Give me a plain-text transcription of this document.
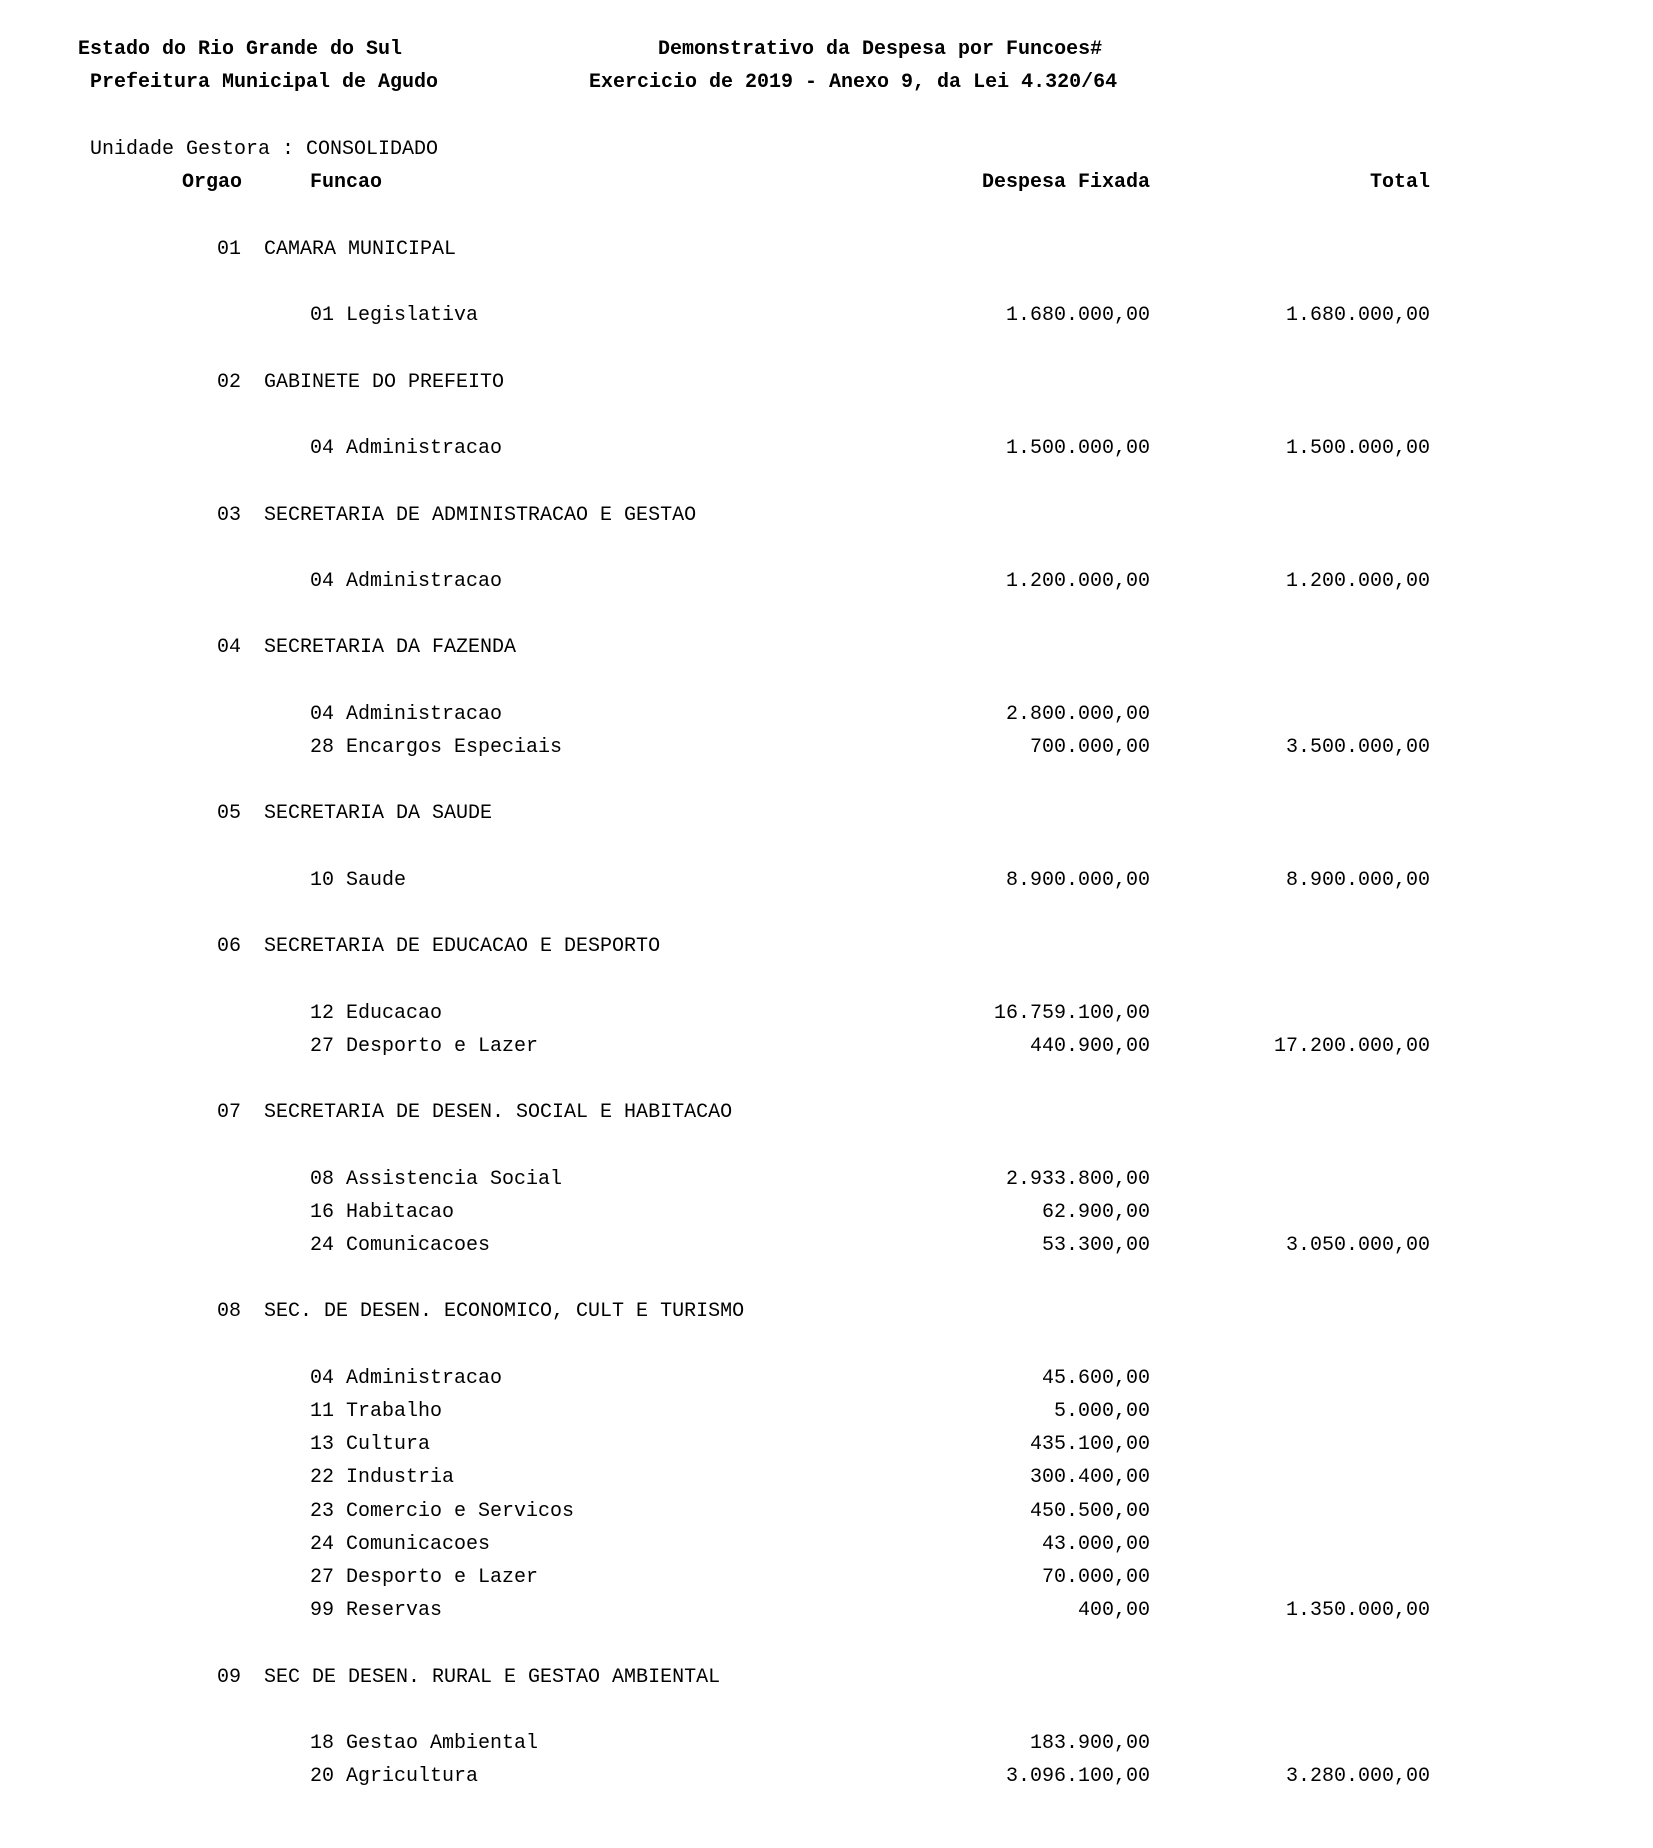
Estado do Rio Grande do Sul
Prefeitura Municipal de Agudo
Demonstrativo da Despesa por Funcoes#
Exercicio de 2019 - Anexo 9, da Lei 4.320/64
Unidade Gestora : CONSOLIDADO
Orgao	Funcao	Despesa Fixada	Total
01 CAMARA MUNICIPAL
01 Legislativa	1.680.000,00	1.680.000,00
02 GABINETE DO PREFEITO
04 Administracao	1.500.000,00	1.500.000,00
03 SECRETARIA DE ADMINISTRACAO E GESTAO
04 Administracao	1.200.000,00	1.200.000,00
04 SECRETARIA DA FAZENDA
04 Administracao	2.800.000,00
28 Encargos Especiais	700.000,00	3.500.000,00
05 SECRETARIA DA SAUDE
10 Saude	8.900.000,00	8.900.000,00
06 SECRETARIA DE EDUCACAO E DESPORTO
12 Educacao	16.759.100,00
27 Desporto e Lazer	440.900,00	17.200.000,00
07 SECRETARIA DE DESEN. SOCIAL E HABITACAO
08 Assistencia Social	2.933.800,00
16 Habitacao	62.900,00
24 Comunicacoes	53.300,00	3.050.000,00
08 SEC. DE DESEN. ECONOMICO, CULT E TURISMO
04 Administracao	45.600,00
11 Trabalho	5.000,00
13 Cultura	435.100,00
22 Industria	300.400,00
23 Comercio e Servicos	450.500,00
24 Comunicacoes	43.000,00
27 Desporto e Lazer	70.000,00
99 Reservas	400,00	1.350.000,00
09 SEC DE DESEN. RURAL E GESTAO AMBIENTAL
18 Gestao Ambiental	183.900,00
20 Agricultura	3.096.100,00	3.280.000,00
